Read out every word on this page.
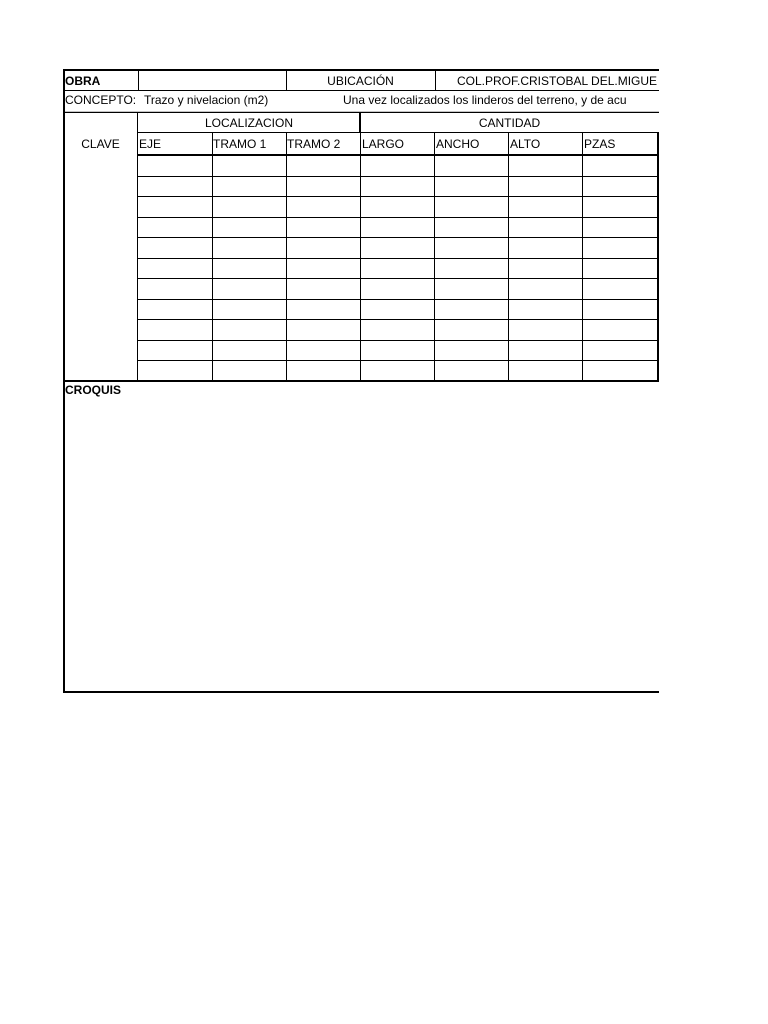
OBRA	UBICACIÓN	COL.PROF.CRISTOBAL DEL.MIGUE
CONCEPTO: Trazo y nivelacion (m2)	Una vez localizados los linderos del terreno, y de acu
LOCALIZACION	CANTIDAD
CLAVE	EJE	TRAMO 1	TRAMO 2	LARGO	ANCHO	ALTO	PZAS
CROQUIS
